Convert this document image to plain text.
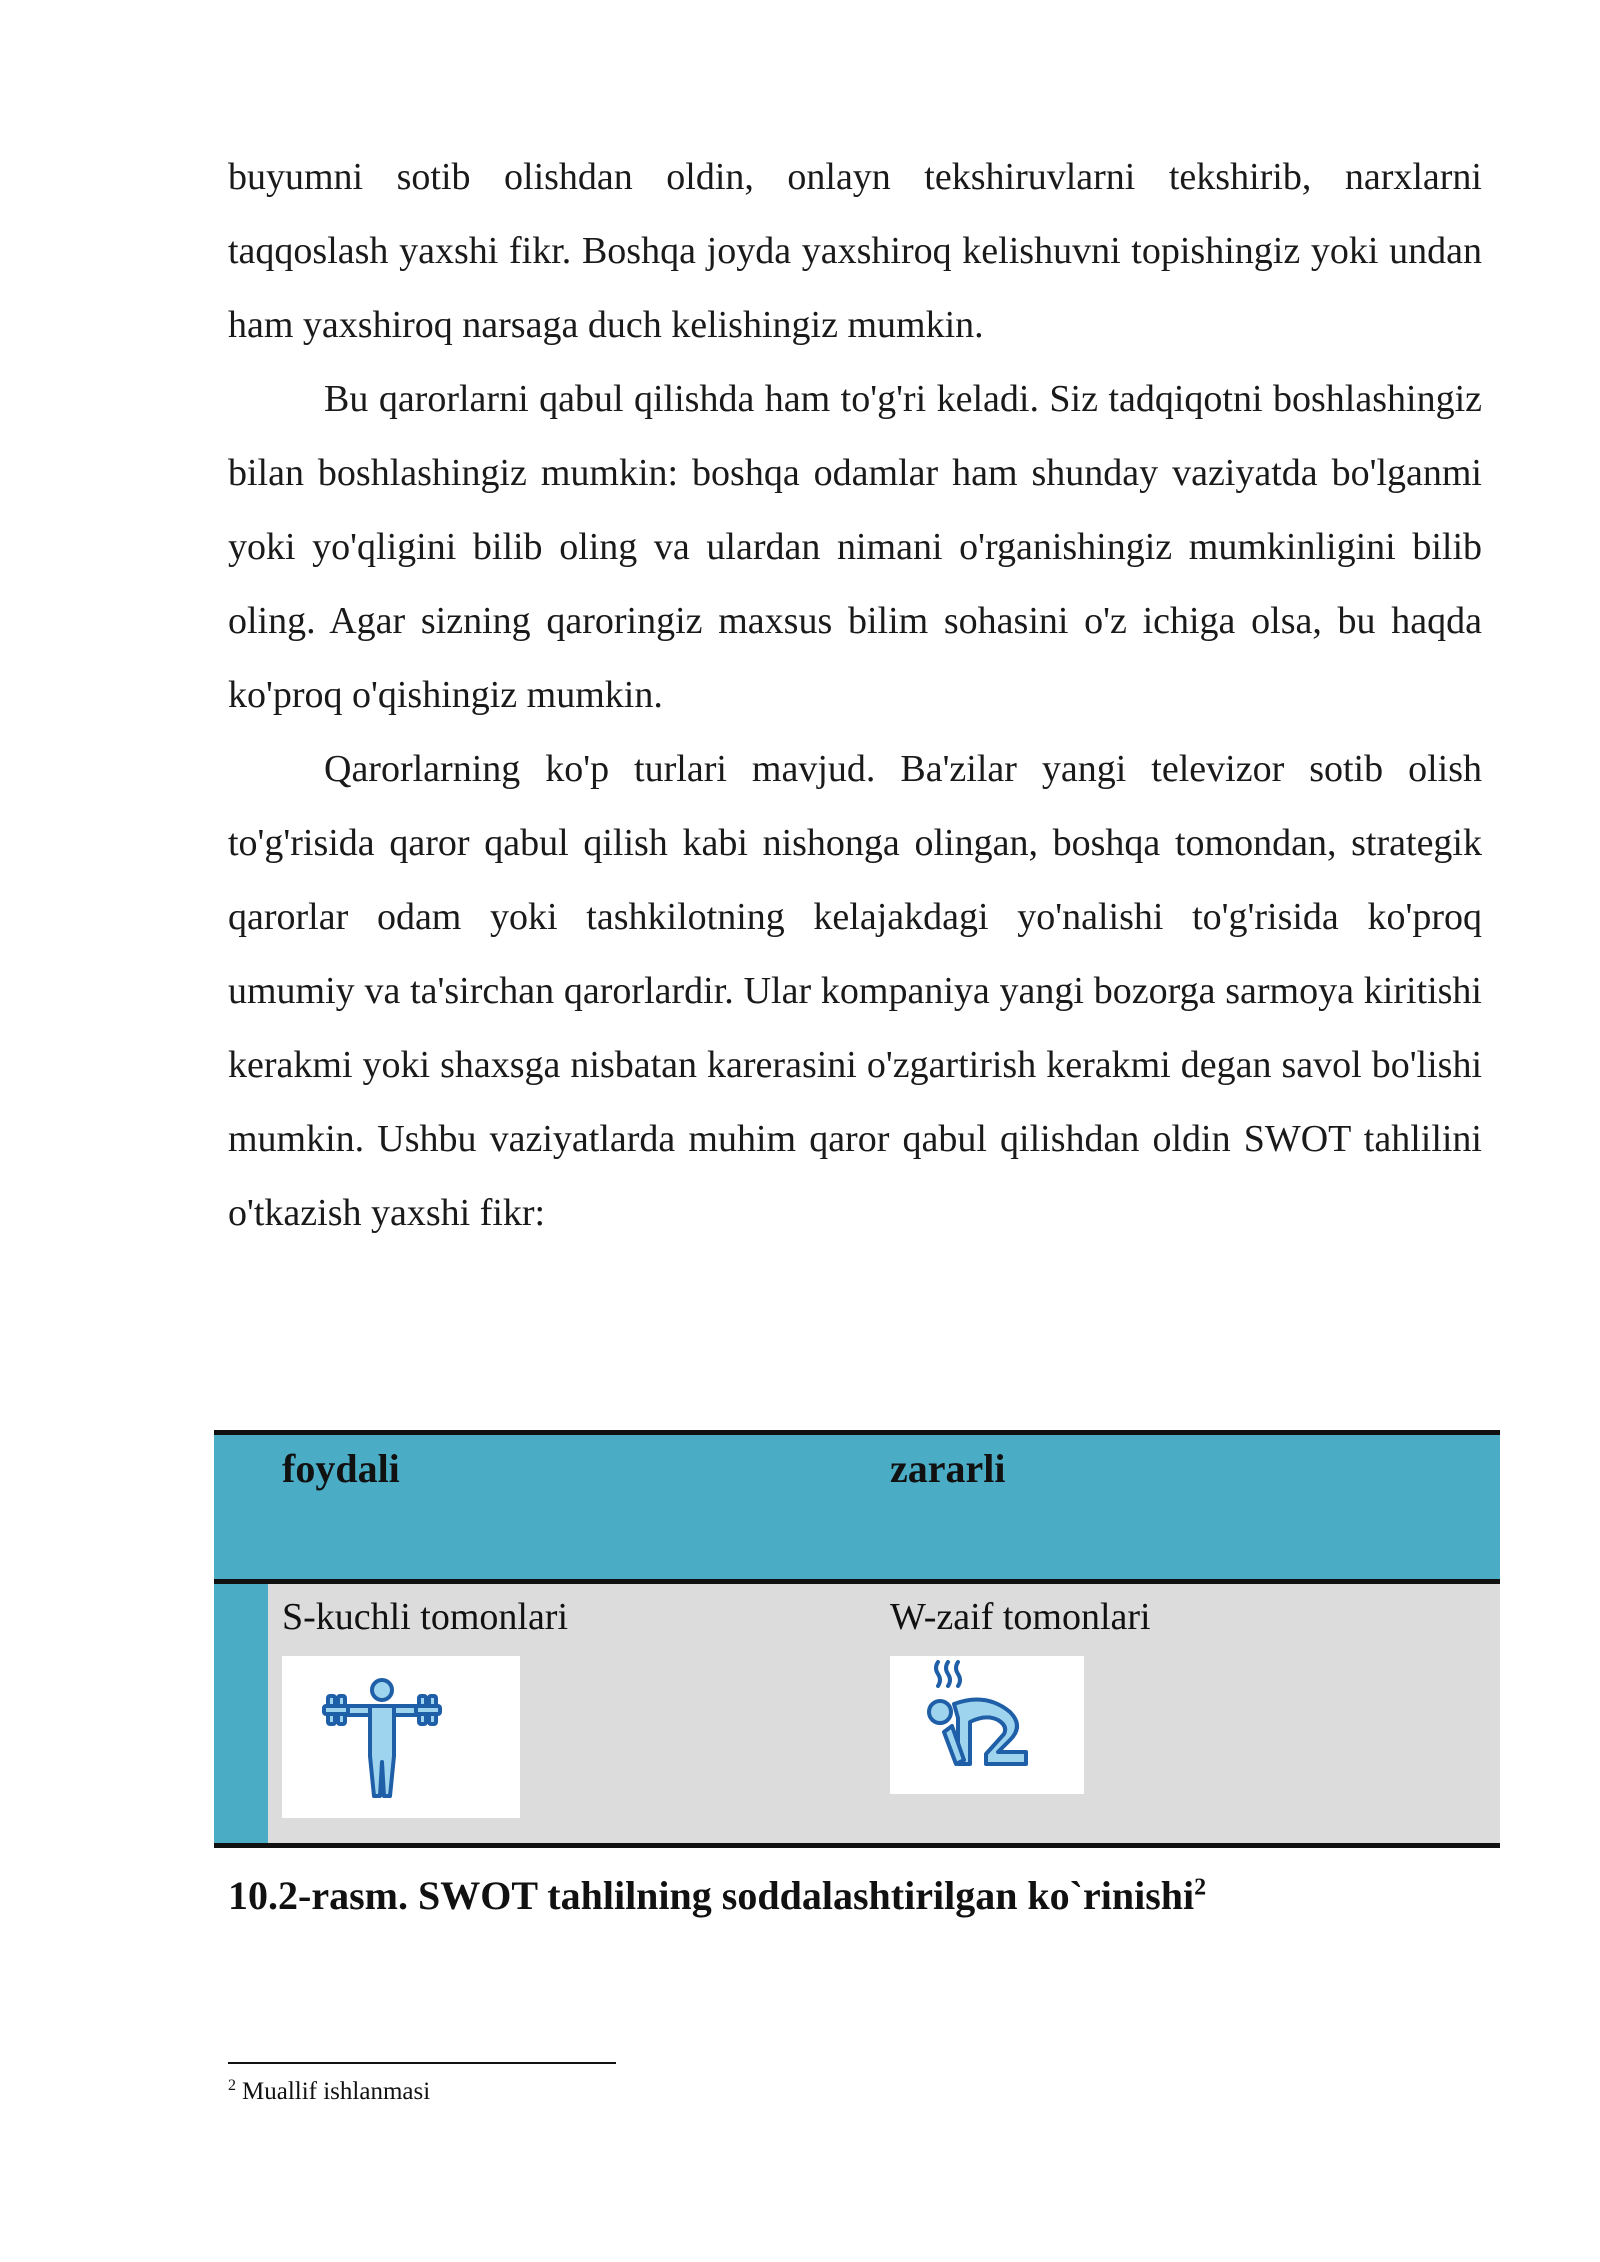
buyumni sotib olishdan oldin, onlayn tekshiruvlarni tekshirib, narxlarni taqqoslash yaxshi fikr. Boshqa joyda yaxshiroq kelishuvni topishingiz yoki undan ham yaxshiroq narsaga duch kelishingiz mumkin.

Bu qarorlarni qabul qilishda ham to'g'ri keladi. Siz tadqiqotni boshlashingiz bilan boshlashingiz mumkin: boshqa odamlar ham shunday vaziyatda bo'lganmi yoki yo'qligini bilib oling va ulardan nimani o'rganishingiz mumkinligini bilib oling. Agar sizning qaroringiz maxsus bilim sohasini o'z ichiga olsa, bu haqda ko'proq o'qishingiz mumkin.

Qarorlarning ko'p turlari mavjud. Ba'zilar yangi televizor sotib olish to'g'risida qaror qabul qilish kabi nishonga olingan, boshqa tomondan, strategik qarorlar odam yoki tashkilotning kelajakdagi yo'nalishi to'g'risida ko'proq umumiy va ta'sirchan qarorlardir. Ular kompaniya yangi bozorga sarmoya kiritishi kerakmi yoki shaxsga nisbatan karerasini o'zgartirish kerakmi degan savol bo'lishi mumkin. Ushbu vaziyatlarda muhim qaror qabul qilishdan oldin SWOT tahlilini o'tkazish yaxshi fikr:

foydali	zararli
S-kuchli tomonlari	W-zaif tomonlari
10.2-rasm. SWOT tahlilning soddalashtirilgan ko`rinishi$^2$
$^2$ Muallif ishlanmasi
